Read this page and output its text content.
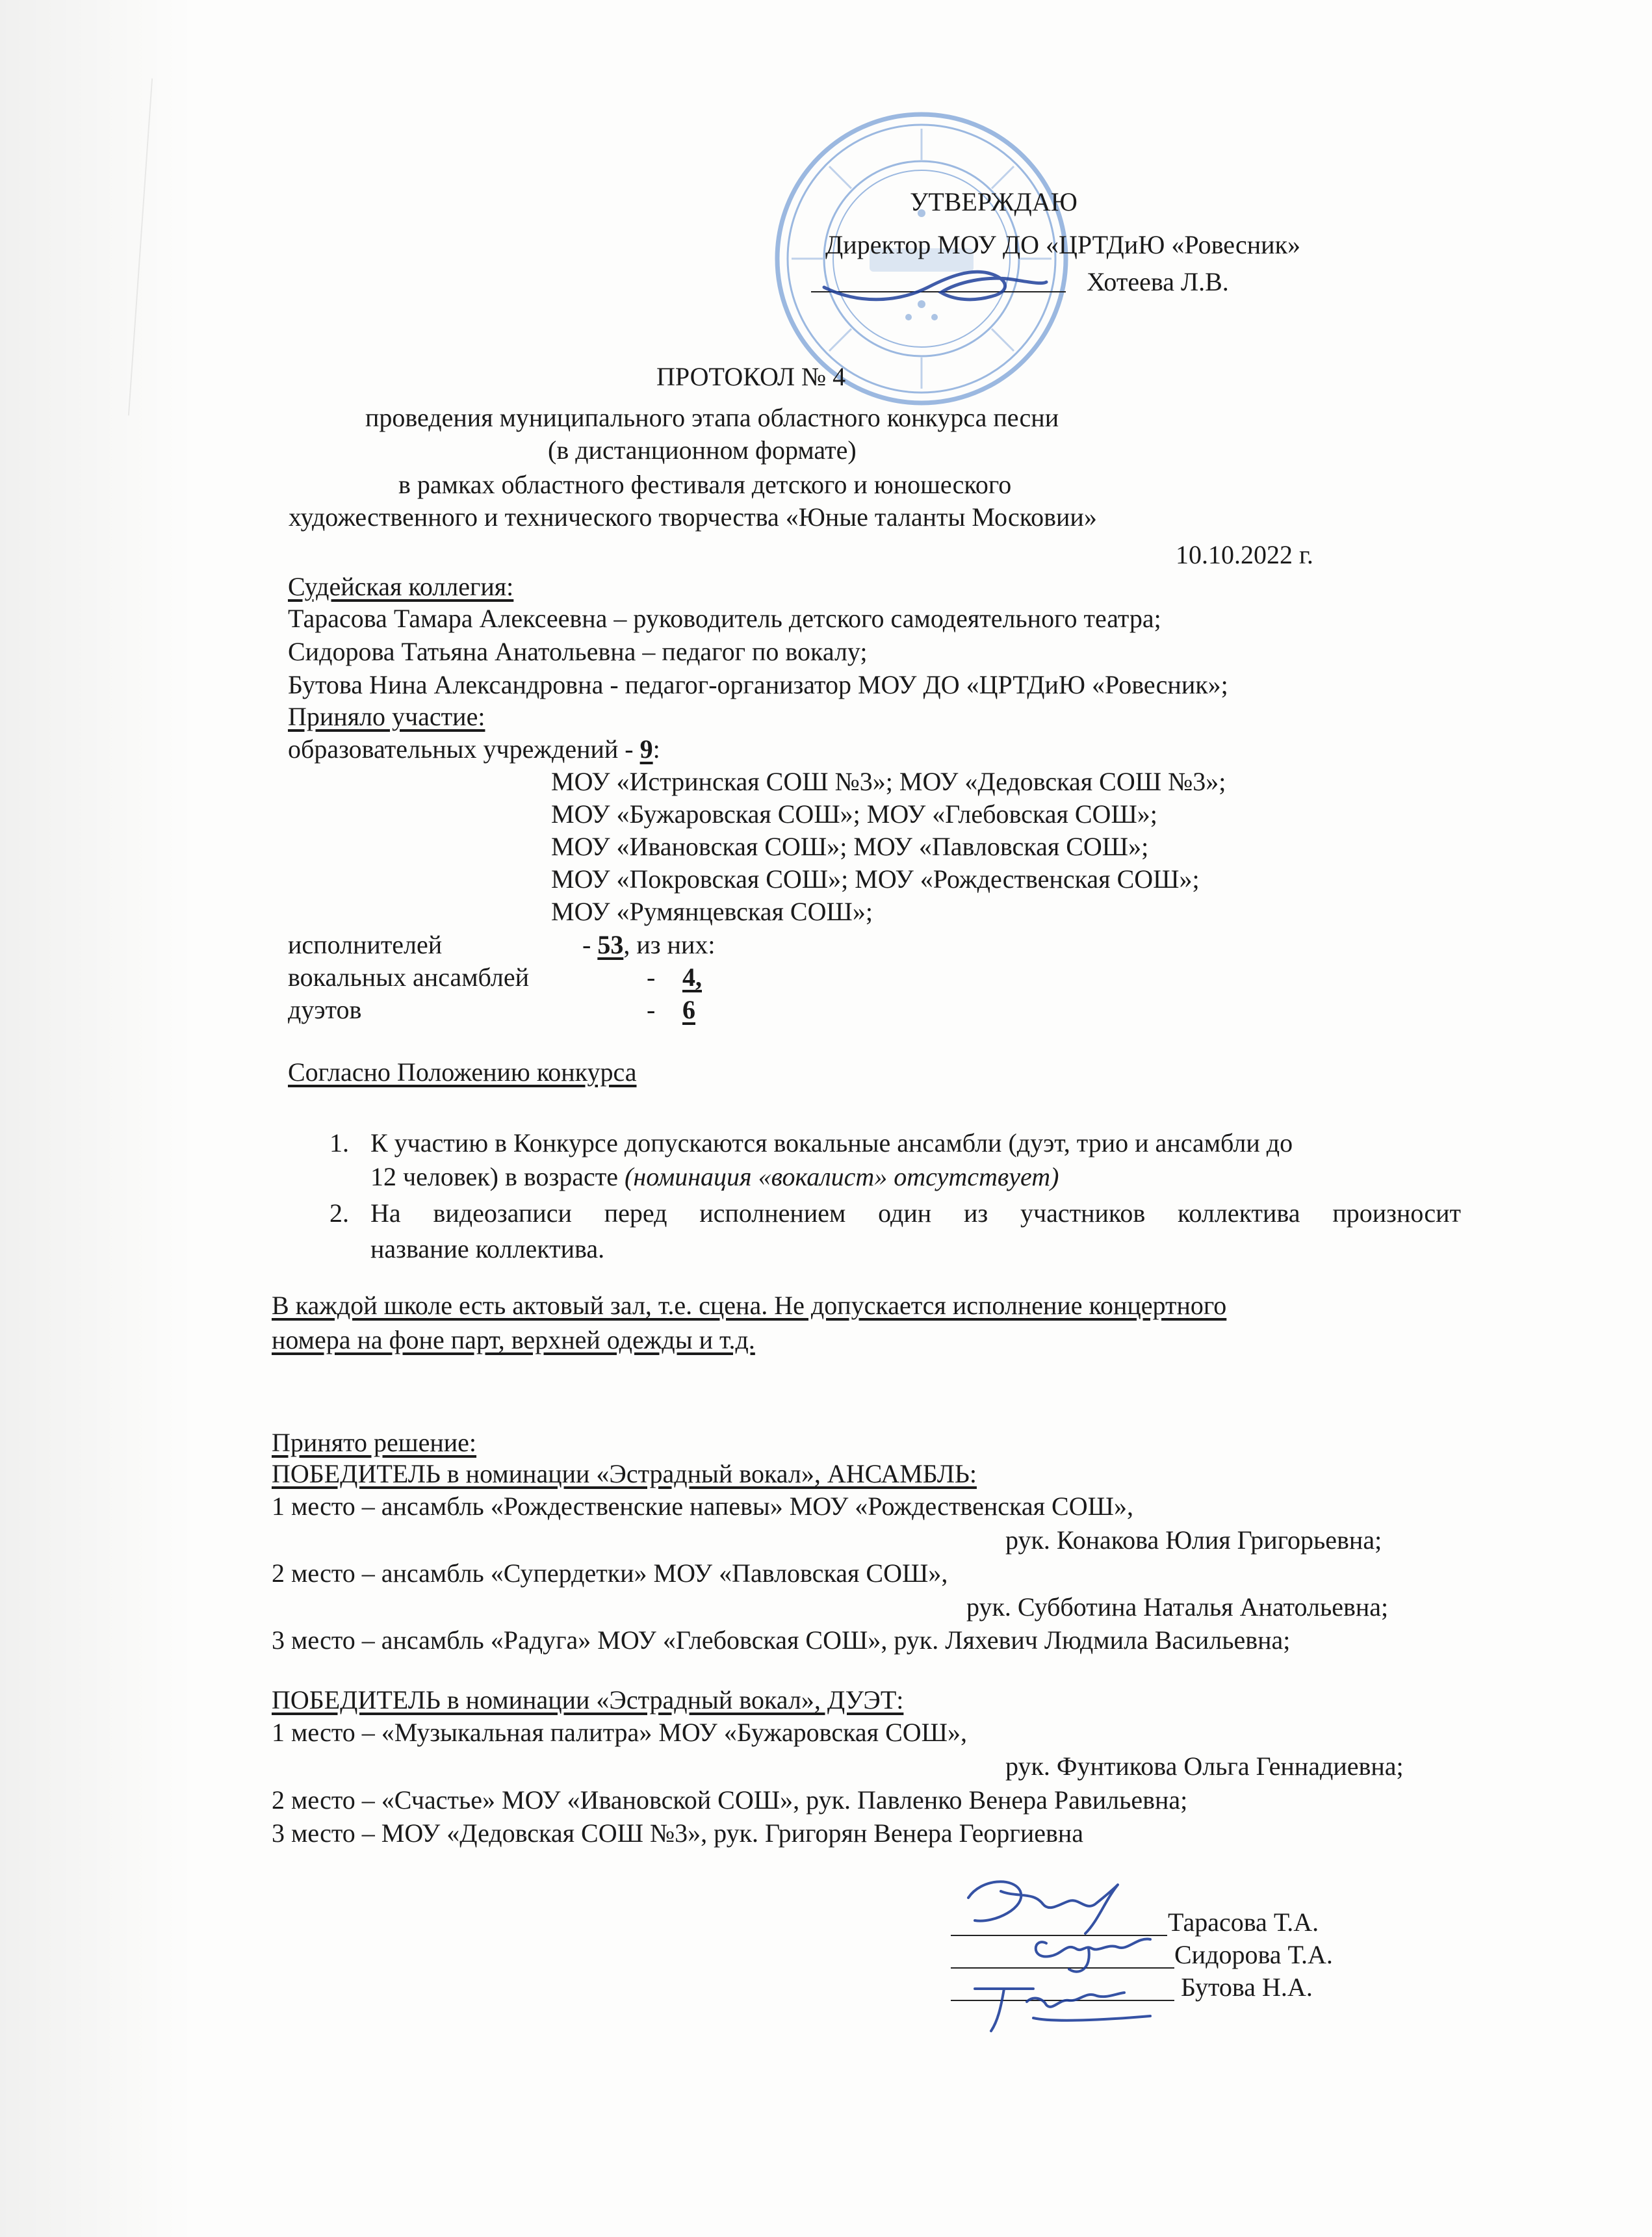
УТВЕРЖДАЮ
Директор МОУ ДО «ЦРТДиЮ «Ровесник»
Хотеева Л.В.
ПРОТОКОЛ № 4
проведения муниципального этапа областного конкурса песни
(в дистанционном формате)
в рамках областного фестиваля детского и юношеского
художественного и технического творчества «Юные таланты Московии»
10.10.2022 г.
Судейская коллегия:
Тарасова Тамара Алексеевна – руководитель детского самодеятельного театра;
Сидорова Татьяна Анатольевна – педагог по вокалу;
Бутова Нина Александровна - педагог-организатор МОУ ДО «ЦРТДиЮ «Ровесник»;
Приняло участие:
образовательных учреждений - 9:
МОУ «Истринская СОШ №3»; МОУ «Дедовская СОШ №3»;
МОУ «Бужаровская СОШ»; МОУ «Глебовская СОШ»;
МОУ «Ивановская СОШ»; МОУ «Павловская СОШ»;
МОУ «Покровская СОШ»; МОУ «Рождественская СОШ»;
МОУ «Румянцевская СОШ»;
исполнителей	- 53, из них:
вокальных ансамблей	- 4,
дуэтов	- 6
Согласно Положению конкурса
1. К участию в Конкурсе допускаются вокальные ансамбли (дуэт, трио и ансамбли до
12 человек) в возрасте (номинация «вокалист» отсутствует)
2. На видеозаписи перед исполнением один из участников коллектива произносит
название коллектива.
В каждой школе есть актовый зал, т.е. сцена. Не допускается исполнение концертного
номера на фоне парт, верхней одежды и т.д.
Принято решение:
ПОБЕДИТЕЛЬ в номинации «Эстрадный вокал», АНСАМБЛЬ:
1 место – ансамбль «Рождественские напевы» МОУ «Рождественская СОШ»,
рук. Конакова Юлия Григорьевна;
2 место – ансамбль «Супердетки» МОУ «Павловская СОШ»,
рук. Субботина Наталья Анатольевна;
3 место – ансамбль «Радуга» МОУ «Глебовская СОШ», рук. Ляхевич Людмила Васильевна;
ПОБЕДИТЕЛЬ в номинации «Эстрадный вокал», ДУЭТ:
1 место – «Музыкальная палитра» МОУ «Бужаровская СОШ»,
рук. Фунтикова Ольга Геннадиевна;
2 место – «Счастье» МОУ «Ивановской СОШ», рук. Павленко Венера Равильевна;
3 место – МОУ «Дедовская СОШ №3», рук. Григорян Венера Георгиевна
Тарасова Т.А.
Сидорова Т.А.
Бутова Н.А.
